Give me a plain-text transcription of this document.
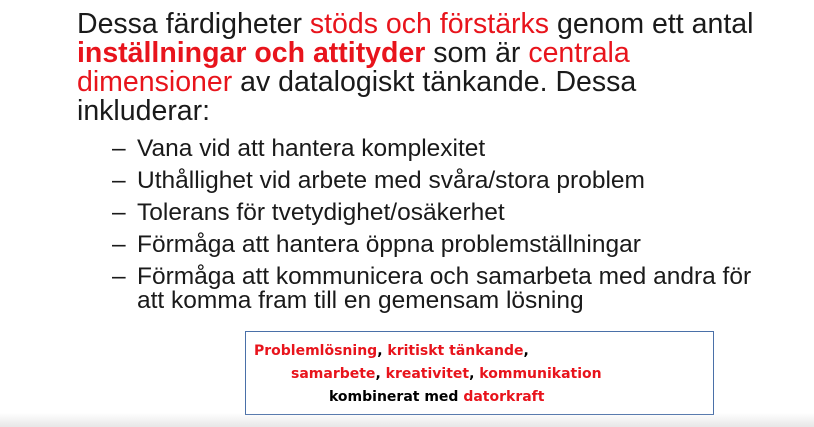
Dessa färdigheter stöds och förstärks genom ett antal inställningar och attityder som är centrala dimensioner av datalogiskt tänkande. Dessa inkluderar:

– Vana vid att hantera komplexitet
– Uthållighet vid arbete med svåra/stora problem
– Tolerans för tvetydighet/osäkerhet
– Förmåga att hantera öppna problemställningar
– Förmåga att kommunicera och samarbeta med andra för att komma fram till en gemensam lösning
Problemlösning, kritiskt tänkande,
samarbete, kreativitet, kommunikation
kombinerat med datorkraft
